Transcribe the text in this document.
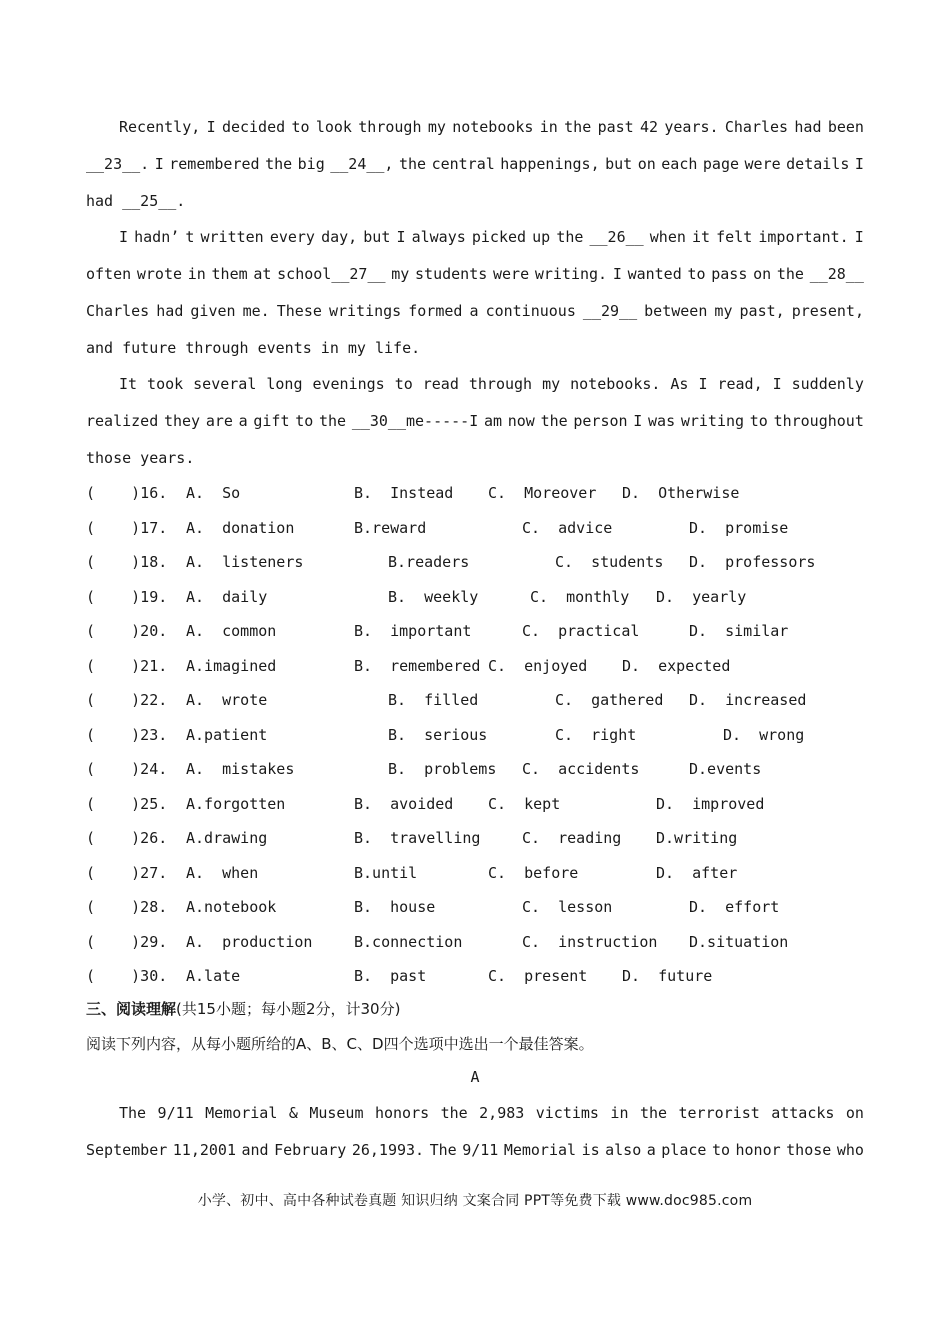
Recently, I decided to look through my notebooks in the past 42 years. Charles had been
__23__. I remembered the big __24__, the central happenings, but on each page were details I
had __25__.
I hadn’ t written every day, but I always picked up the __26__ when it felt important. I
often wrote in them at school__27__ my students were writing. I wanted to pass on the __28__
Charles had given me. These writings formed a continuous __29__ between my past, present,
and future through events in my life.
It took several long evenings to read through my notebooks. As I read, I suddenly
realized they are a gift to the __30__me-----I am now the person I was writing to throughout
those years.
(    )16. A.  So	B.  Instead C.  Moreover D.  Otherwise
(    )17. A.  donation	B.reward	C.  advice	D.  promise
(    )18. A.  listeners	B.readers	C.  students D.  professors
(    )19. A.  daily	B.  weekly	C.  monthly D.  yearly
(    )20. A.  common	B.  important	C.  practical	D.  similar
(    )21. A.imagined	B.  remembered C.  enjoyed D.  expected
(    )22. A.  wrote	B.  filled	C.  gathered D.  increased
(    )23. A.patient	B.  serious	C.  right	D.  wrong
(    )24. A.  mistakes	B.  problems C.  accidents	D.events
(    )25. A.forgotten	B.  avoided C.  kept	D.  improved
(    )26. A.drawing	B.  travelling	C.  reading D.writing
(    )27. A.  when	B.until	C.  before	D.  after
(    )28. A.notebook	B.  house	C.  lesson	D.  effort
(    )29. A.  production	B.connection	C.  instruction D.situation
(    )30. A.late	B.  past	C.  present D.  future
三、阅读理解(共15小题；每小题2分，计30分)
阅读下列内容，从每小题所给的A、B、C、D四个选项中选出一个最佳答案。
A
The 9/11 Memorial & Museum honors the 2,983 victims in the terrorist attacks on
September 11,2001 and February 26,1993. The 9/11 Memorial is also a place to honor those who
小学、初中、高中各种试卷真题 知识归纳 文案合同 PPT等免费下载 www.doc985.com
